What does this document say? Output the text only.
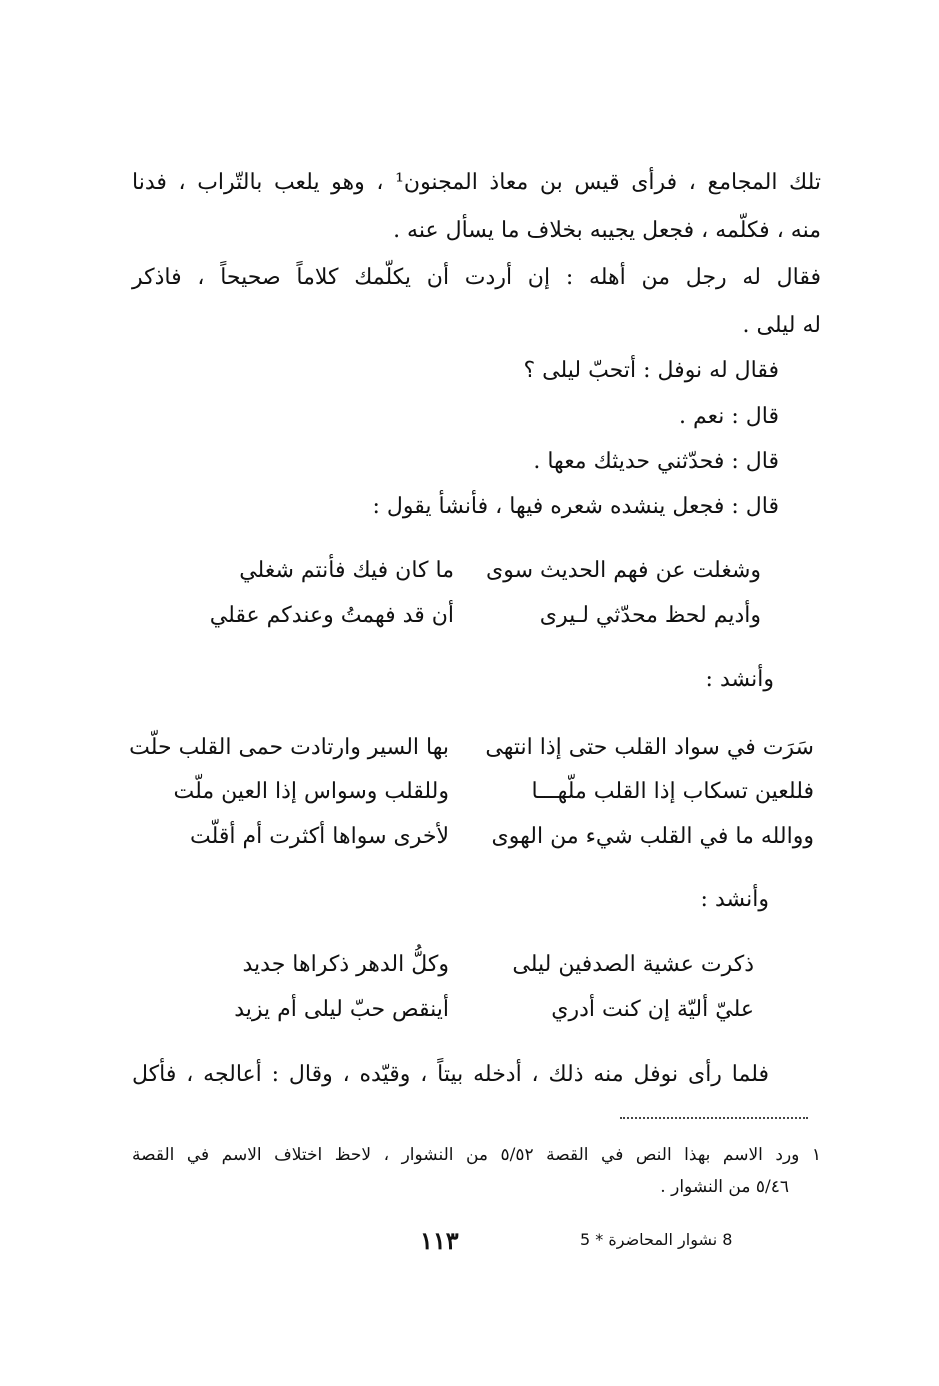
تلك المجامع ، فرأى قيس بن معاذ المجنون¹ ، وهو يلعب بالتّراب ، فدنا
منه ، فكلّمه ، فجعل يجيبه بخلاف ما يسأل عنه .
فقال له رجل من أهله : إن أردت أن يكلّمك كلاماً صحيحاً ، فاذكر
له ليلى .
فقال له نوفل : أتحبّ ليلى ؟
قال : نعم .
قال : فحدّثني حديثك معها .
قال : فجعل ينشده شعره فيها ، فأنشأ يقول :
وشغلت عن فهم الحديث سوى
ما كان فيك فأنتم شغلي
وأديم لحظ محدّثي لـيرى
أن قد فهمتُ وعندكم عقلي
وأنشد :
سَرَت في سواد القلب حتى إذا انتهى
بها السير وارتادت حمى القلب حلّت
فللعين تسكاب إذا القلب ملّهـــا
وللقلب وسواس إذا العين ملّت
ووالله ما في القلب شيء من الهوى
لأخرى سواها أكثرت أم أقلّت
وأنشد :
ذكرت عشية الصدفين ليلى
وكلُّ الدهر ذكراها جديد
عليّ أليّة إن كنت أدري
أينقص حبّ ليلى أم يزيد
فلما رأى نوفل منه ذلك ، أدخله بيتاً ، وقيّده ، وقال : أعالجه ، فأكل
١ ورد الاسم بهذا النص في القصة ٥/٥٢ من النشوار ، لاحظ اختلاف الاسم في القصة
٥/٤٦ من النشوار .
8 نشوار المحاضرة * 5
١١٣
